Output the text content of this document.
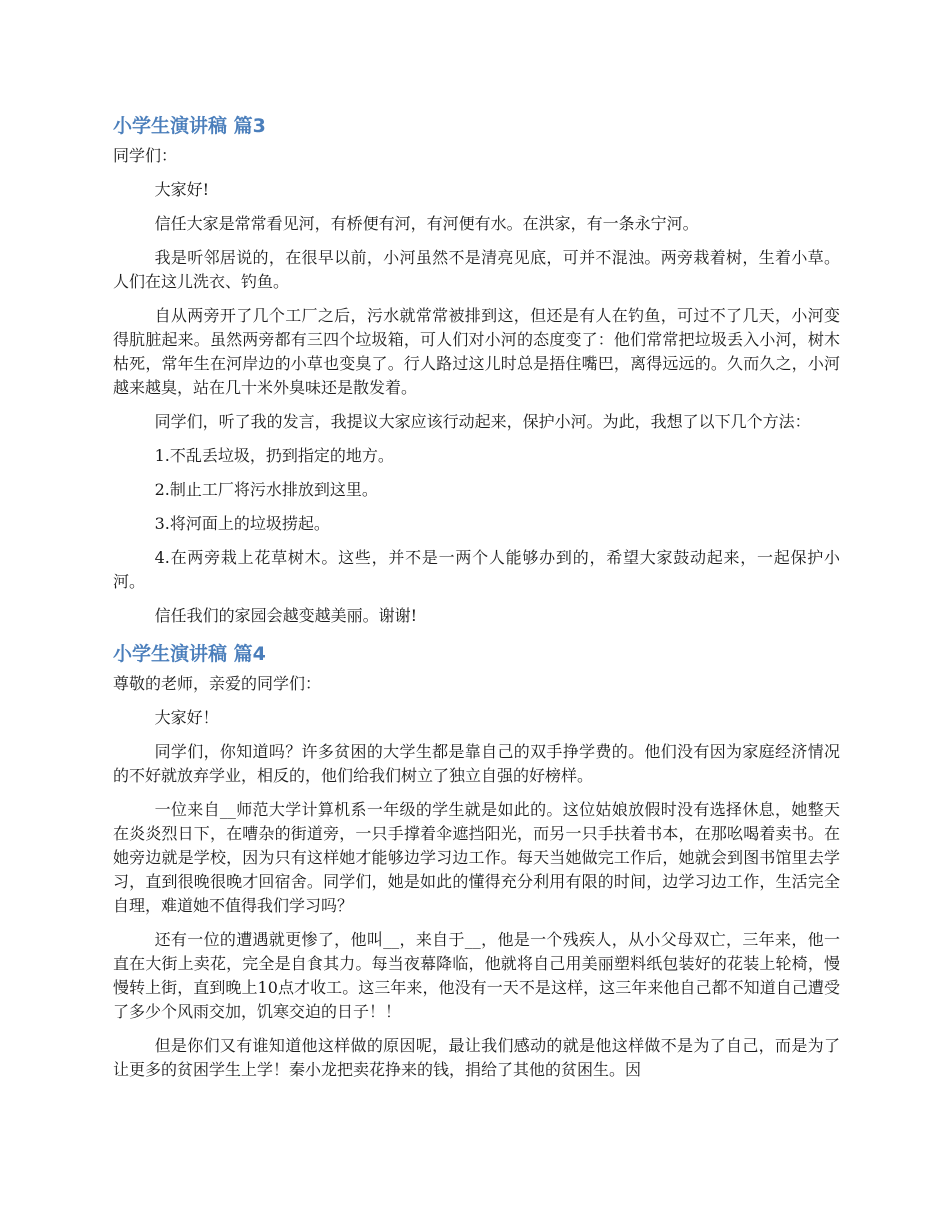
小学生演讲稿 篇3

同学们：

大家好!

信任大家是常常看见河，有桥便有河，有河便有水。在洪家，有一条永宁河。

我是听邻居说的，在很早以前，小河虽然不是清亮见底，可并不混浊。两旁栽着树，生着小草。人们在这儿洗衣、钓鱼。

自从两旁开了几个工厂之后，污水就常常被排到这，但还是有人在钓鱼，可过不了几天，小河变得肮脏起来。虽然两旁都有三四个垃圾箱，可人们对小河的态度变了：他们常常把垃圾丢入小河，树木枯死，常年生在河岸边的小草也变臭了。行人路过这儿时总是捂住嘴巴，离得远远的。久而久之，小河越来越臭，站在几十米外臭味还是散发着。

同学们，听了我的发言，我提议大家应该行动起来，保护小河。为此，我想了以下几个方法：

1.不乱丢垃圾，扔到指定的地方。

2.制止工厂将污水排放到这里。

3.将河面上的垃圾捞起。

4.在两旁栽上花草树木。这些，并不是一两个人能够办到的，希望大家鼓动起来，一起保护小河。

信任我们的家园会越变越美丽。谢谢!

小学生演讲稿 篇4

尊敬的老师，亲爱的同学们：

大家好！

同学们，你知道吗？许多贫困的大学生都是靠自己的双手挣学费的。他们没有因为家庭经济情况的不好就放弃学业，相反的，他们给我们树立了独立自强的好榜样。

一位来自__师范大学计算机系一年级的学生就是如此的。这位姑娘放假时没有选择休息，她整天在炎炎烈日下，在嘈杂的街道旁，一只手撑着伞遮挡阳光，而另一只手扶着书本，在那吆喝着卖书。在她旁边就是学校，因为只有这样她才能够边学习边工作。每天当她做完工作后，她就会到图书馆里去学习，直到很晚很晚才回宿舍。同学们，她是如此的懂得充分利用有限的时间，边学习边工作，生活完全自理，难道她不值得我们学习吗？

还有一位的遭遇就更惨了，他叫__，来自于__，他是一个残疾人，从小父母双亡，三年来，他一直在大街上卖花，完全是自食其力。每当夜幕降临，他就将自己用美丽塑料纸包装好的花装上轮椅，慢慢转上街，直到晚上10点才收工。这三年来，他没有一天不是这样，这三年来他自己都不知道自己遭受了多少个风雨交加，饥寒交迫的日子！！

但是你们又有谁知道他这样做的原因呢，最让我们感动的就是他这样做不是为了自己，而是为了让更多的贫困学生上学！秦小龙把卖花挣来的钱，捐给了其他的贫困生。因
